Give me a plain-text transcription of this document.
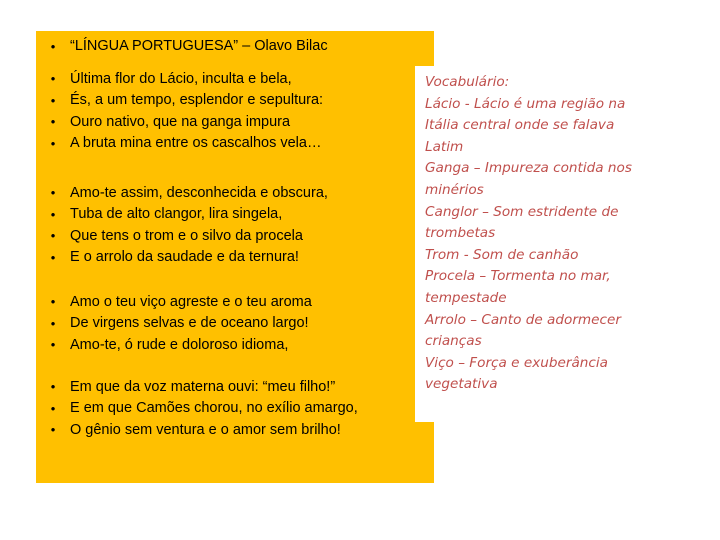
•	“LÍNGUA PORTUGUESA” – Olavo Bilac
•	Última flor do Lácio, inculta e bela,
•	És, a um tempo, esplendor e sepultura:
•	Ouro nativo, que na ganga impura
•	A bruta mina entre os cascalhos vela…
•	Amo-te assim, desconhecida e obscura,
•	Tuba de alto clangor, lira singela,
•	Que tens o trom e o silvo da procela
•	E o arrolo da saudade e da ternura!
•	Amo o teu viço agreste e o teu aroma
•	De virgens selvas e de oceano largo!
•	Amo-te, ó rude e doloroso idioma,
•	Em que da voz materna ouvi: “meu filho!”
•	E em que Camões chorou, no exílio amargo,
•	O gênio sem ventura e o amor sem brilho!
Vocabulário:
Lácio - Lácio é uma região na
Itália central onde se falava
Latim
Ganga – Impureza contida nos
minérios
Canglor – Som estridente de
trombetas
Trom - Som de canhão
Procela – Tormenta no mar,
tempestade
Arrolo – Canto de adormecer
crianças
Viço – Força e exuberância
vegetativa
